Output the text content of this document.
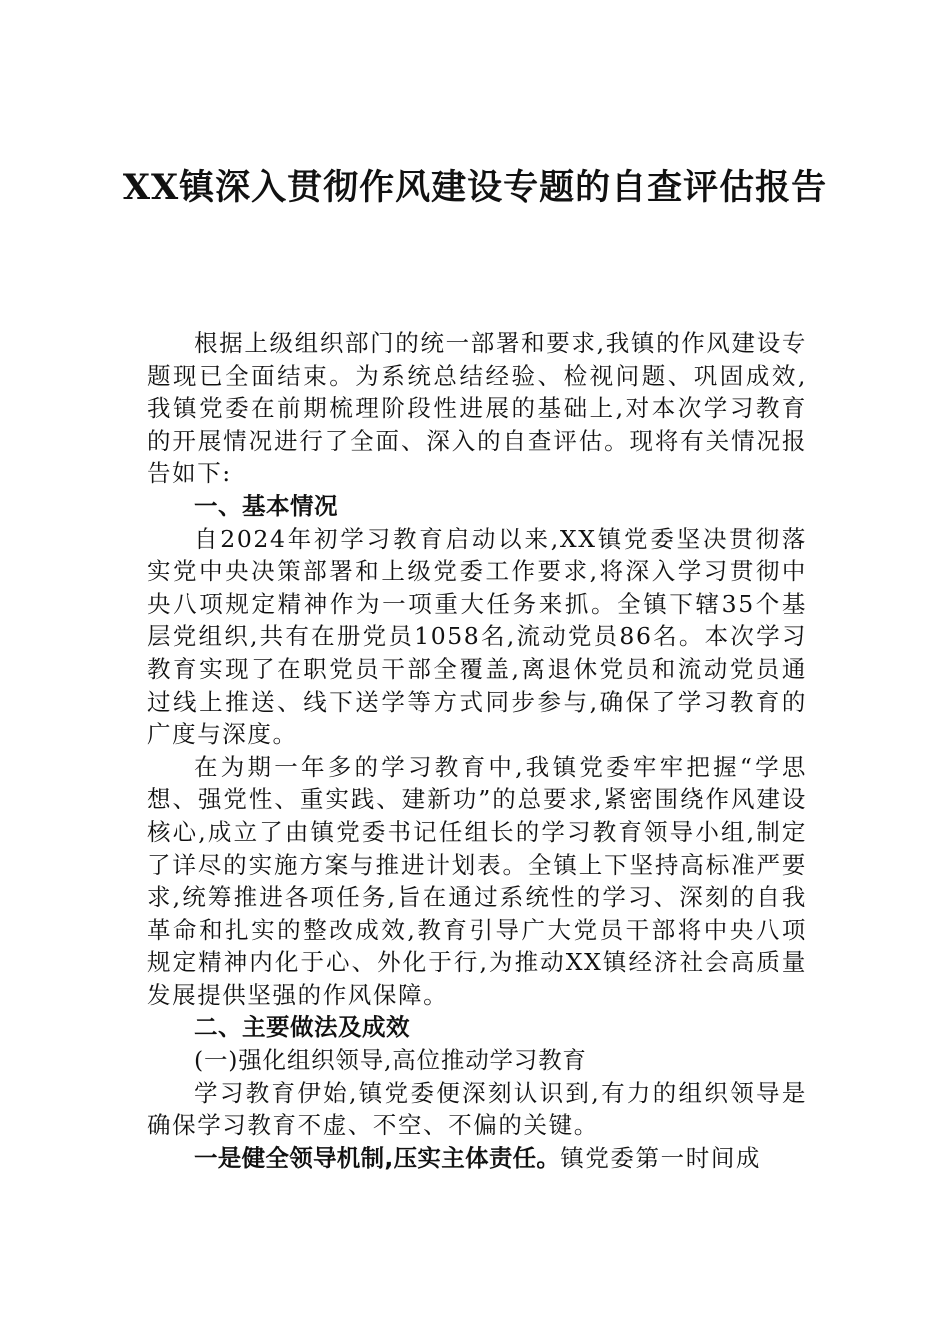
XX镇深入贯彻作风建设专题的自查评估报告

根据上级组织部门的统一部署和要求,我镇的作风建设专题现已全面结束。为系统总结经验、检视问题、巩固成效,我镇党委在前期梳理阶段性进展的基础上,对本次学习教育的开展情况进行了全面、深入的自查评估。现将有关情况报告如下:

一、基本情况

自2024年初学习教育启动以来,XX镇党委坚决贯彻落实党中央决策部署和上级党委工作要求,将深入学习贯彻中央八项规定精神作为一项重大任务来抓。全镇下辖35个基层党组织,共有在册党员1058名,流动党员86名。本次学习教育实现了在职党员干部全覆盖,离退休党员和流动党员通过线上推送、线下送学等方式同步参与,确保了学习教育的广度与深度。

在为期一年多的学习教育中,我镇党委牢牢把握“学思想、强党性、重实践、建新功”的总要求,紧密围绕作风建设核心,成立了由镇党委书记任组长的学习教育领导小组,制定了详尽的实施方案与推进计划表。全镇上下坚持高标准严要求,统筹推进各项任务,旨在通过系统性的学习、深刻的自我革命和扎实的整改成效,教育引导广大党员干部将中央八项规定精神内化于心、外化于行,为推动XX镇经济社会高质量发展提供坚强的作风保障。

二、主要做法及成效

(一)强化组织领导,高位推动学习教育

学习教育伊始,镇党委便深刻认识到,有力的组织领导是确保学习教育不虚、不空、不偏的关键。

一是健全领导机制,压实主体责任。镇党委第一时间成
